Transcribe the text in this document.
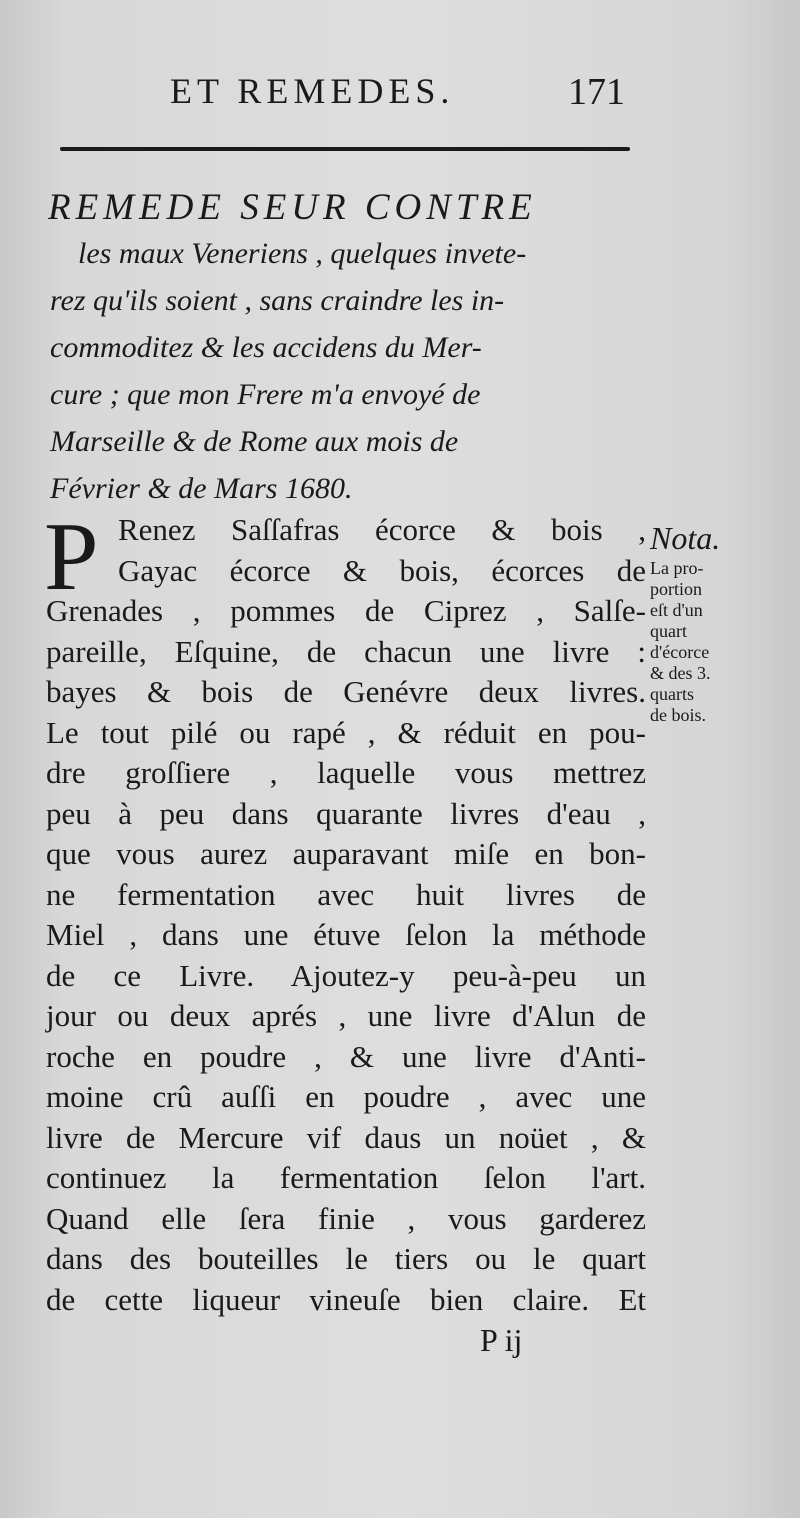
ET REMEDES.	171
REMEDE SEUR CONTRE
les maux Veneriens , quelques invete-
rez qu'ils soient , sans craindre les in-
commoditez & les accidens du Mer-
cure ; que mon Frere m'a envoyé de
Marseille & de Rome aux mois de
Février & de Mars 1680.
P Renez Saſſafras écorce & bois ,
Gayac écorce & bois, écorces de
Grenades , pommes de Ciprez , Salſe-
pareille, Eſquine, de chacun une livre :
bayes & bois de Genévre deux livres.
Le tout pilé ou rapé , & réduit en pou-
dre groſſiere , laquelle vous mettrez
peu à peu dans quarante livres d'eau ,
que vous aurez auparavant miſe en bon-
ne fermentation avec huit livres de
Miel , dans une étuve ſelon la méthode
de ce Livre. Ajoutez-y peu-à-peu un
jour ou deux aprés , une livre d'Alun de
roche en poudre , & une livre d'Anti-
moine crû auſſi en poudre , avec une
livre de Mercure vif daus un noüet , &
continuez la fermentation ſelon l'art.
Quand elle ſera finie , vous garderez
dans des bouteilles le tiers ou le quart
de cette liqueur vineuſe bien claire. Et
Nota.
La pro-
portion
eſt d'un
quart
d'écorce
& des 3.
quarts
de bois.
P ij
